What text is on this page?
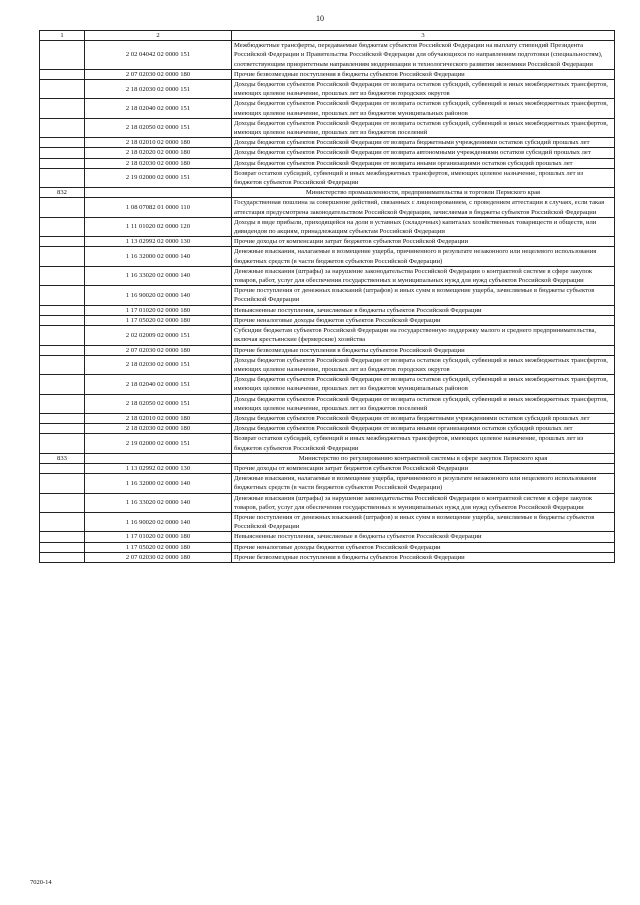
10
1	2	3
	2 02 04042 02 0000 151	Межбюджетные трансферты, передаваемые бюджетам субъектов Российской Федерации на выплату стипендий Президента Российской Федерации и Правительства Российской Федерации для обучающихся по направлениям подготовки (специальностям), соответствующим приоритетным направлениям модернизации и технологического развития экономики Российской Федерации
	2 07 02030 02 0000 180	Прочие безвозмездные поступления в бюджеты субъектов Российской Федерации
	2 18 02030 02 0000 151	Доходы бюджетов субъектов Российской Федерации от возврата остатков субсидий, субвенций и иных межбюджетных трансфертов, имеющих целевое назначение, прошлых лет из бюджетов городских округов
	2 18 02040 02 0000 151	Доходы бюджетов субъектов Российской Федерации от возврата остатков субсидий, субвенций и иных межбюджетных трансфертов, имеющих целевое назначение, прошлых лет из бюджетов муниципальных районов
	2 18 02050 02 0000 151	Доходы бюджетов субъектов Российской Федерации от возврата остатков субсидий, субвенций и иных межбюджетных трансфертов, имеющих целевое назначение, прошлых лет из бюджетов поселений
	2 18 02010 02 0000 180	Доходы бюджетов субъектов Российской Федерации от возврата бюджетными учреждениями остатков субсидий прошлых лет
	2 18 02020 02 0000 180	Доходы бюджетов субъектов Российской Федерации от возврата автономными учреждениями остатков субсидий прошлых лет
	2 18 02030 02 0000 180	Доходы бюджетов субъектов Российской Федерации от возврата иными организациями остатков субсидий прошлых лет
	2 19 02000 02 0000 151	Возврат остатков субсидий, субвенций и иных межбюджетных трансфертов, имеющих целевое назначение, прошлых лет из бюджетов субъектов Российской Федерации
832		Министерство промышленности, предпринимательства и торговли Пермского края
	1 08 07082 01 0000 110	Государственная пошлина за совершение действий, связанных с лицензированием, с проведением аттестации в случаях, если такая аттестация предусмотрена законодательством Российской Федерации, зачисляемая в бюджеты субъектов Российской Федерации
	1 11 01020 02 0000 120	Доходы в виде прибыли, приходящейся на доли в уставных (складочных) капиталах хозяйственных товариществ и обществ, или дивидендов по акциям, принадлежащим субъектам Российской Федерации
	1 13 02992 02 0000 130	Прочие доходы от компенсации затрат бюджетов субъектов Российской Федерации
	1 16 32000 02 0000 140	Денежные взыскания, налагаемые в возмещение ущерба, причиненного в результате незаконного или нецелевого использования бюджетных средств (в части бюджетов субъектов Российской Федерации)
	1 16 33020 02 0000 140	Денежные взыскания (штрафы) за нарушение законодательства Российской Федерации о контрактной системе в сфере закупок товаров, работ, услуг для обеспечения государственных и муниципальных нужд для нужд субъектов Российской Федерации
	1 16 90020 02 0000 140	Прочие поступления от денежных взысканий (штрафов) и иных сумм в возмещение ущерба, зачисляемые в бюджеты субъектов Российской Федерации
	1 17 01020 02 0000 180	Невыясненные поступления, зачисляемые в бюджеты субъектов Российской Федерации
	1 17 05020 02 0000 180	Прочие неналоговые доходы бюджетов субъектов Российской Федерации
	2 02 02009 02 0000 151	Субсидии бюджетам субъектов Российской Федерации на государственную поддержку малого и среднего предпринимательства, включая крестьянские (фермерские) хозяйства
	2 07 02030 02 0000 180	Прочие безвозмездные поступления в бюджеты субъектов Российской Федерации
	2 18 02030 02 0000 151	Доходы бюджетов субъектов Российской Федерации от возврата остатков субсидий, субвенций и иных межбюджетных трансфертов, имеющих целевое назначение, прошлых лет из бюджетов городских округов
	2 18 02040 02 0000 151	Доходы бюджетов субъектов Российской Федерации от возврата остатков субсидий, субвенций и иных межбюджетных трансфертов, имеющих целевое назначение, прошлых лет из бюджетов муниципальных районов
	2 18 02050 02 0000 151	Доходы бюджетов субъектов Российской Федерации от возврата остатков субсидий, субвенций и иных межбюджетных трансфертов, имеющих целевое назначение, прошлых лет из бюджетов поселений
	2 18 02010 02 0000 180	Доходы бюджетов субъектов Российской Федерации от возврата бюджетными учреждениями остатков субсидий прошлых лет
	2 18 02030 02 0000 180	Доходы бюджетов субъектов Российской Федерации от возврата иными организациями остатков субсидий прошлых лет
	2 19 02000 02 0000 151	Возврат остатков субсидий, субвенций и иных межбюджетных трансфертов, имеющих целевое назначение, прошлых лет из бюджетов субъектов Российской Федерации
833		Министерство по регулированию контрактной системы в сфере закупок Пермского края
	1 13 02992 02 0000 130	Прочие доходы от компенсации затрат бюджетов субъектов Российской Федерации
	1 16 32000 02 0000 140	Денежные взыскания, налагаемые в возмещение ущерба, причиненного в результате незаконного или нецелевого использования бюджетных средств (в части бюджетов субъектов Российской Федерации)
	1 16 33020 02 0000 140	Денежные взыскания (штрафы) за нарушение законодательства Российской Федерации о контрактной системе в сфере закупок товаров, работ, услуг для обеспечения государственных и муниципальных нужд для нужд субъектов Российской Федерации
	1 16 90020 02 0000 140	Прочие поступления от денежных взысканий (штрафов) и иных сумм в возмещение ущерба, зачисляемые в бюджеты субъектов Российской Федерации
	1 17 01020 02 0000 180	Невыясненные поступления, зачисляемые в бюджеты субъектов Российской Федерации
	1 17 05020 02 0000 180	Прочие неналоговые доходы бюджетов субъектов Российской Федерации
	2 07 02030 02 0000 180	Прочие безвозмездные поступления в бюджеты субъектов Российской Федерации
7020-14
